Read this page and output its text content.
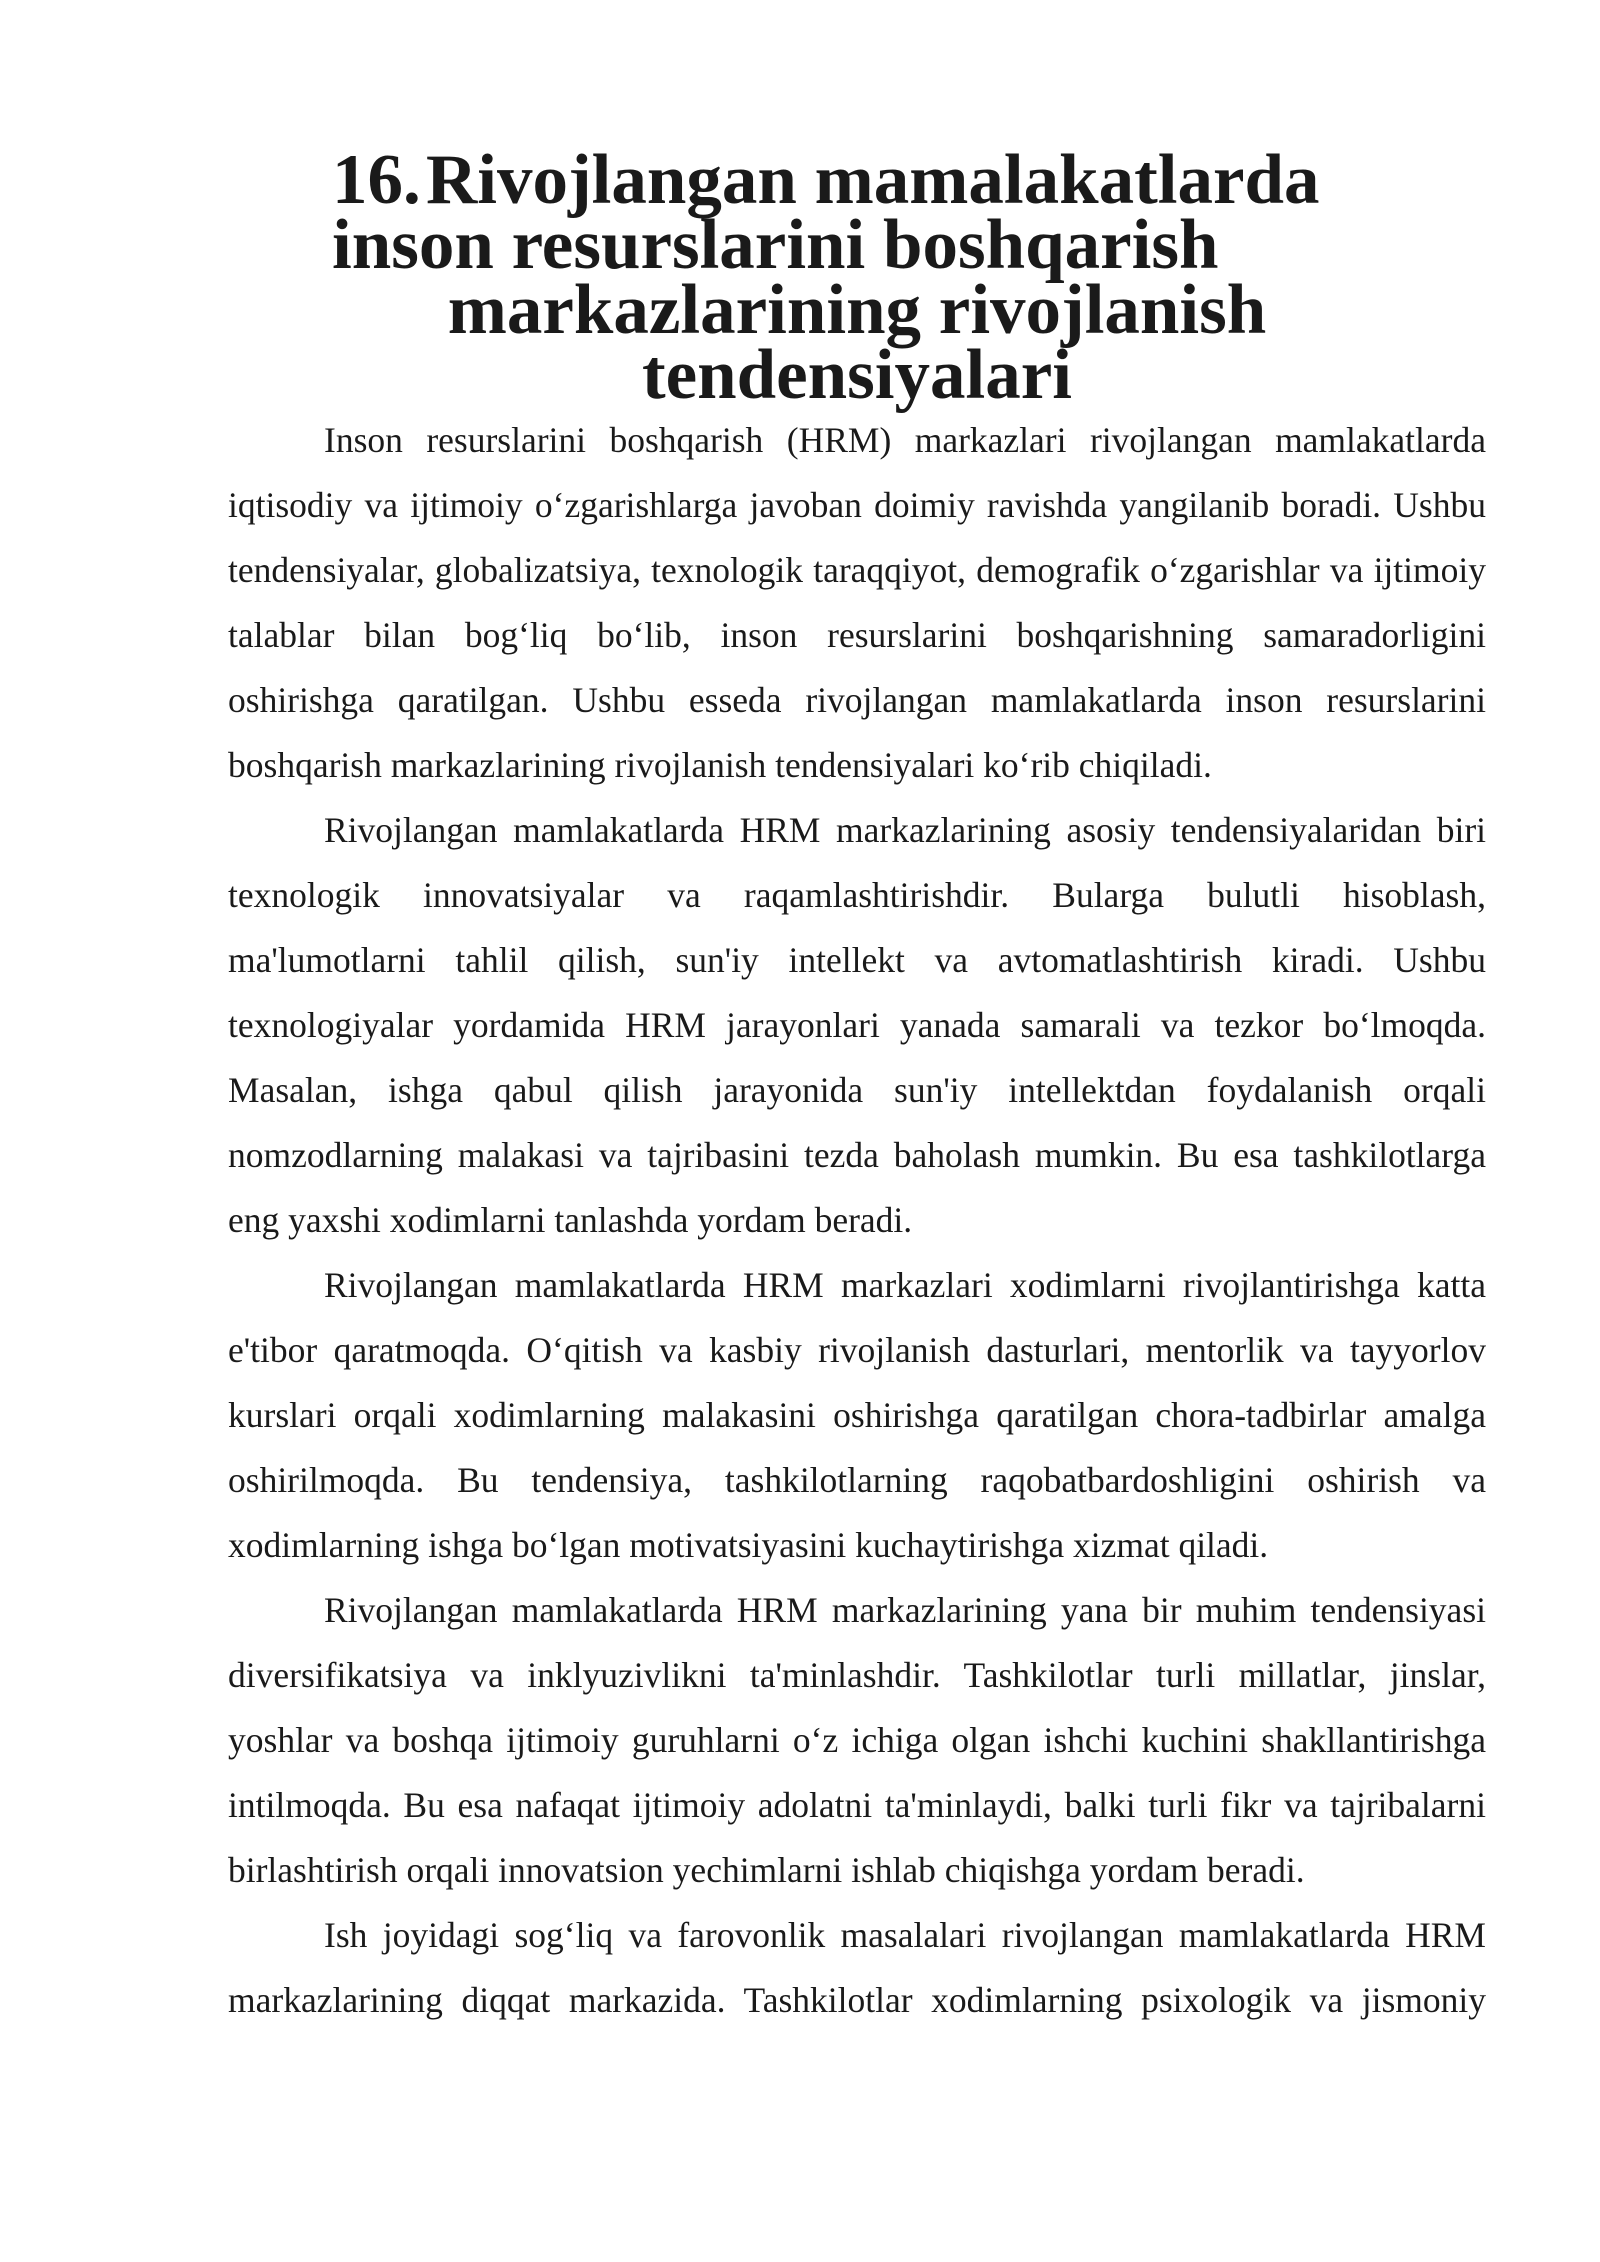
16.Rivojlangan mamalakatlarda inson resurslarini boshqarish
markazlarining rivojlanish tendensiyalari

Inson resurslarini boshqarish (HRM) markazlari rivojlangan mamlakatlarda iqtisodiy va ijtimoiy o‘zgarishlarga javoban doimiy ravishda yangilanib boradi. Ushbu tendensiyalar, globalizatsiya, texnologik taraqqiyot, demografik o‘zgarishlar va ijtimoiy talablar bilan bog‘liq bo‘lib, inson resurslarini boshqarishning samaradorligini oshirishga qaratilgan. Ushbu esseda rivojlangan mamlakatlarda inson resurslarini boshqarish markazlarining rivojlanish tendensiyalari ko‘rib chiqiladi.

Rivojlangan mamlakatlarda HRM markazlarining asosiy tendensiyalaridan biri texnologik innovatsiyalar va raqamlashtirishdir. Bularga bulutli hisoblash, ma'lumotlarni tahlil qilish, sun'iy intellekt va avtomatlashtirish kiradi. Ushbu texnologiyalar yordamida HRM jarayonlari yanada samarali va tezkor bo‘lmoqda. Masalan, ishga qabul qilish jarayonida sun'iy intellektdan foydalanish orqali nomzodlarning malakasi va tajribasini tezda baholash mumkin. Bu esa tashkilotlarga eng yaxshi xodimlarni tanlashda yordam beradi.

Rivojlangan mamlakatlarda HRM markazlari xodimlarni rivojlantirishga katta e'tibor qaratmoqda. O‘qitish va kasbiy rivojlanish dasturlari, mentorlik va tayyorlov kurslari orqali xodimlarning malakasini oshirishga qaratilgan chora-tadbirlar amalga oshirilmoqda. Bu tendensiya, tashkilotlarning raqobatbardoshligini oshirish va xodimlarning ishga bo‘lgan motivatsiyasini kuchaytirishga xizmat qiladi.

Rivojlangan mamlakatlarda HRM markazlarining yana bir muhim tendensiyasi diversifikatsiya va inklyuzivlikni ta'minlashdir. Tashkilotlar turli millatlar, jinslar, yoshlar va boshqa ijtimoiy guruhlarni o‘z ichiga olgan ishchi kuchini shakllantirishga intilmoqda. Bu esa nafaqat ijtimoiy adolatni ta'minlaydi, balki turli fikr va tajribalarni birlashtirish orqali innovatsion yechimlarni ishlab chiqishga yordam beradi.

Ish joyidagi sog‘liq va farovonlik masalalari rivojlangan mamlakatlarda HRM markazlarining diqqat markazida. Tashkilotlar xodimlarning psixologik va jismoniy
